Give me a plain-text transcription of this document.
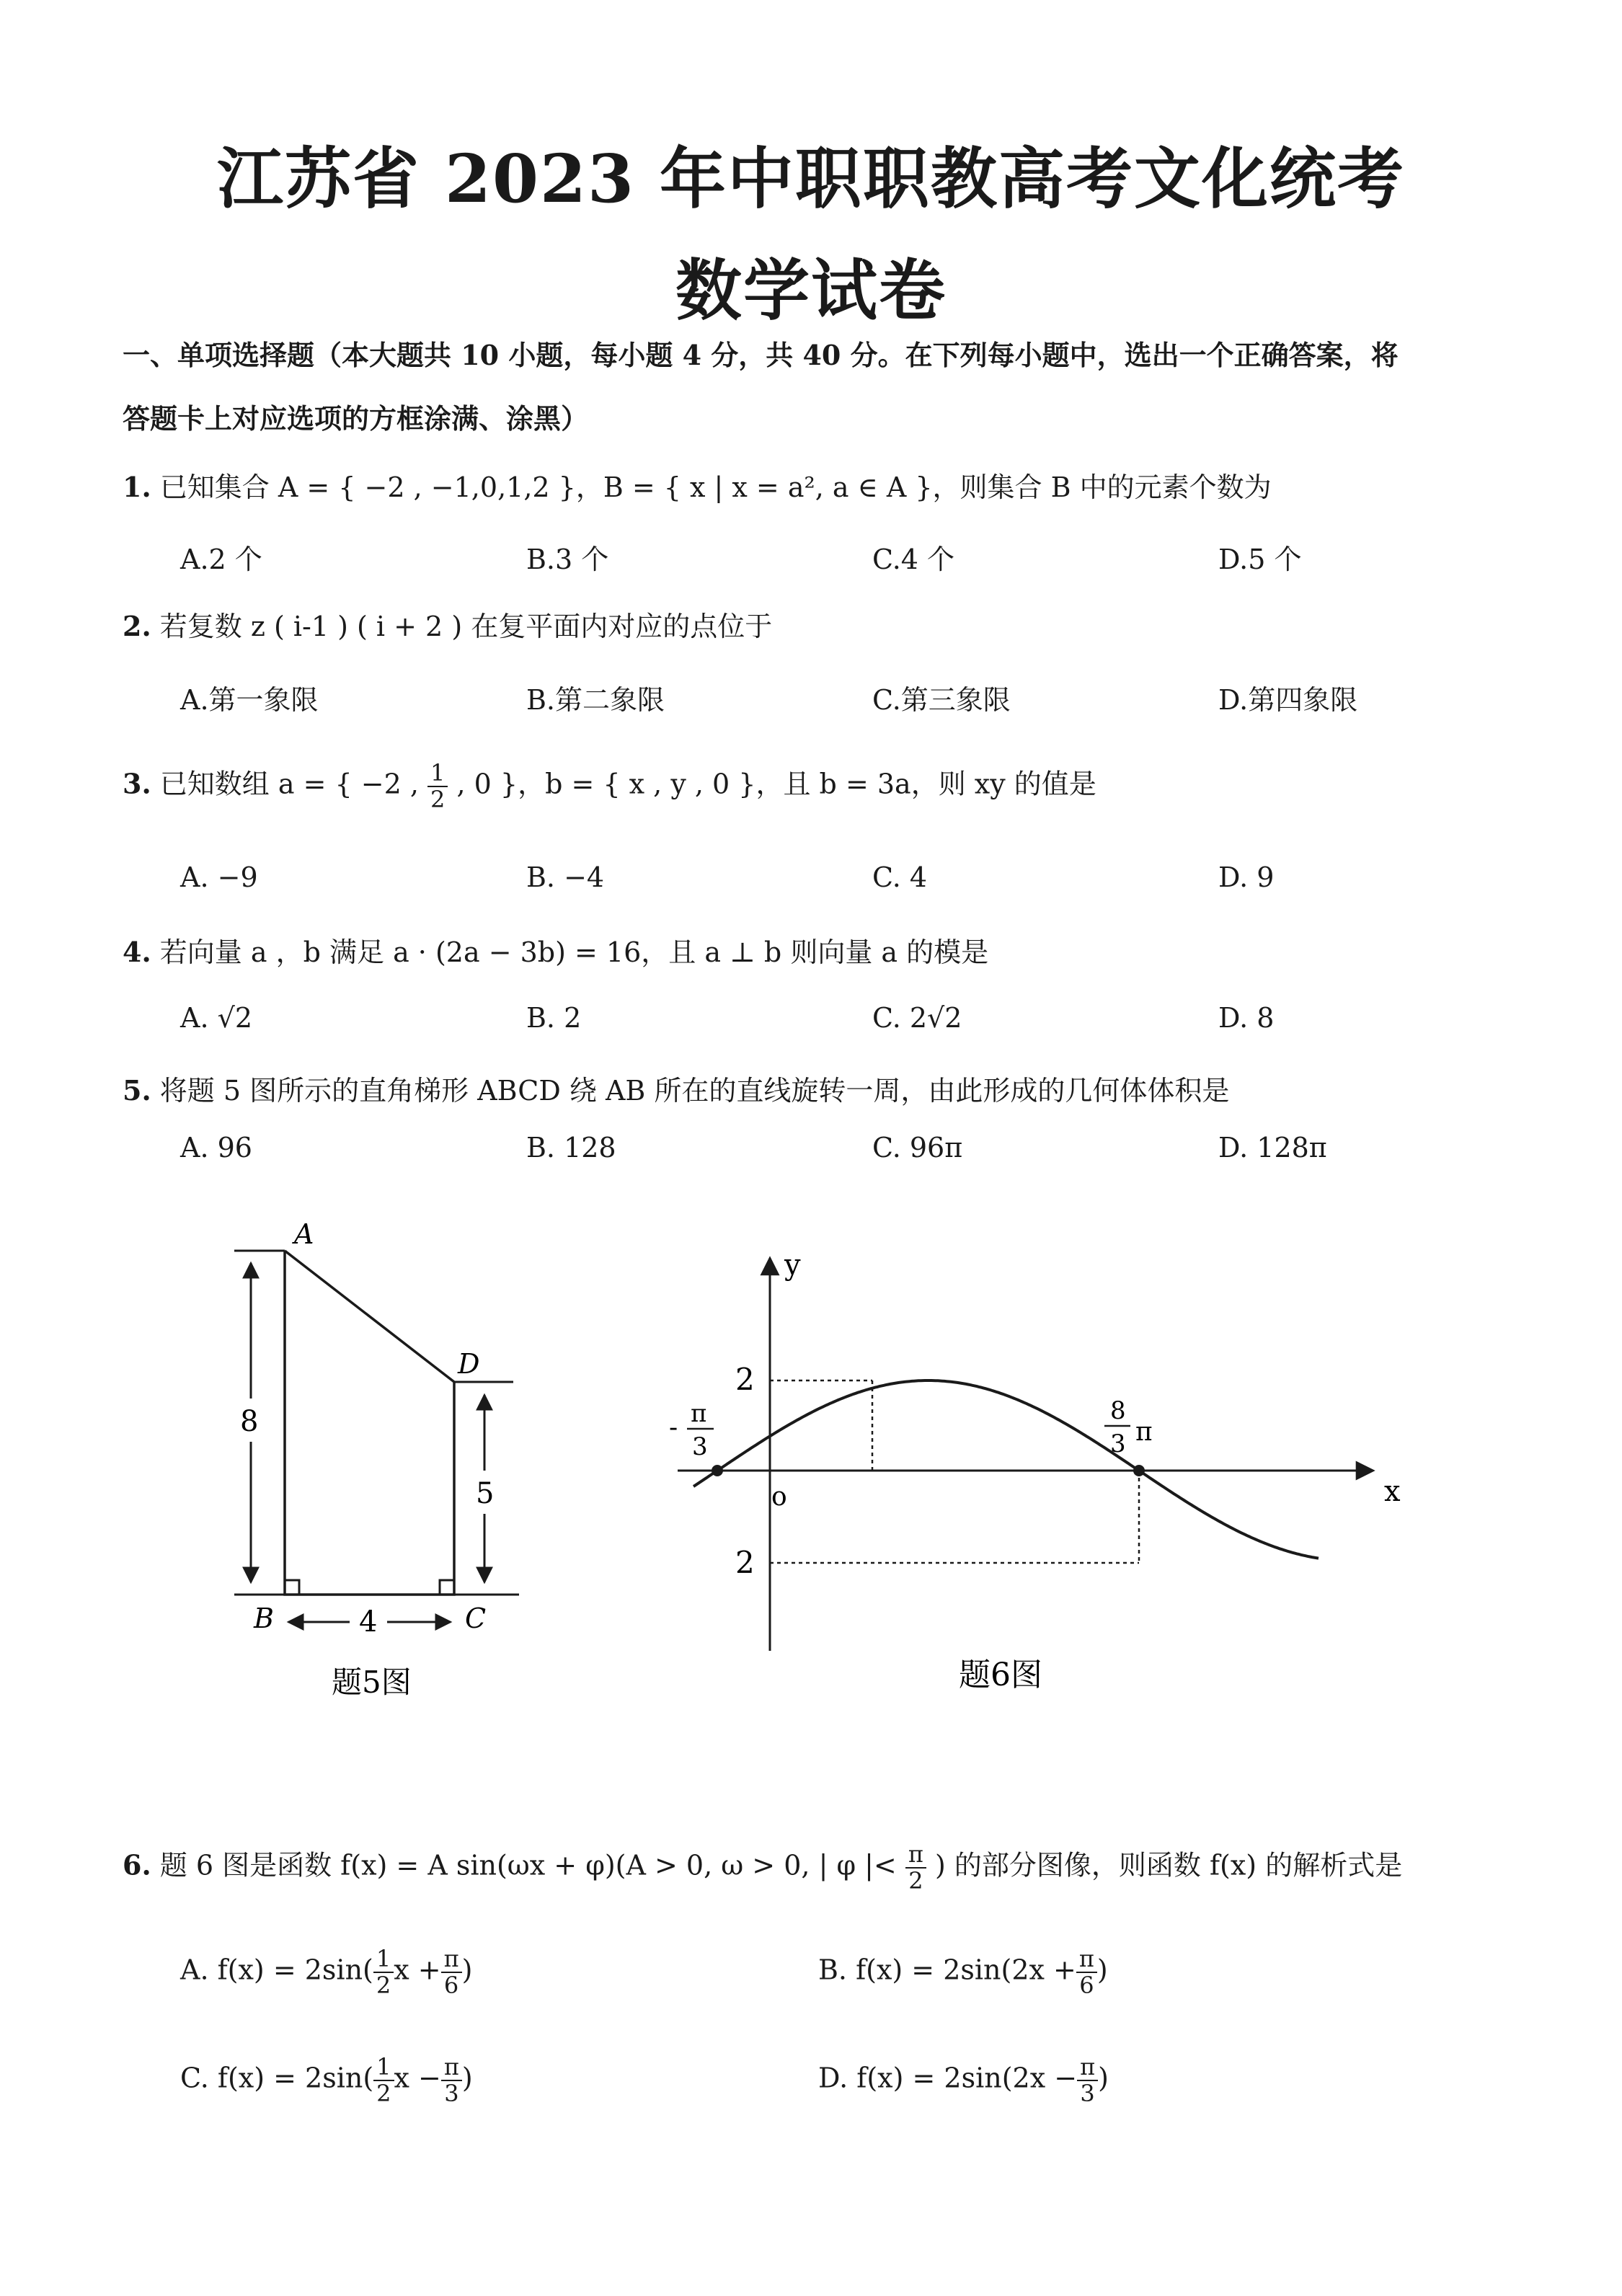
江苏省 2023 年中职职教高考文化统考
数学试卷
一、单项选择题（本大题共 10 小题，每小题 4 分，共 40 分。在下列每小题中，选出一个正确答案，将
答题卡上对应选项的方框涂满、涂黑）
1. 已知集合 A = { −2 , −1,0,1,2 }，B = { x | x = a², a ∈ A }，则集合 B 中的元素个数为
A.2 个	B.3 个	C.4 个	D.5 个
2. 若复数 z ( i-1 ) ( i + 2 ) 在复平面内对应的点位于
A.第一象限	B.第二象限	C.第三象限	D.第四象限
3. 已知数组 a = { −2 , $\frac{1}{2}$ , 0 }，b = { x , y , 0 }，且 b = 3a，则 xy 的值是
A. −9	B. −4	C. 4	D. 9
4. 若向量 a ，b 满足 a · (2a − 3b) = 16，且 a ⊥ b 则向量 a 的模是
A. √2	B. 2	C. 2√2	D. 8
5. 将题 5 图所示的直角梯形 ABCD 绕 AB 所在的直线旋转一周，由此形成的几何体体积是
A. 96	B. 128	C. 96π	D. 128π
A
D
B	C
8
5
4
题5图
y
x
o
2
2
- π
3
8
3 π
题6图
6. 题 6 图是函数 f(x) = A sin(ωx + φ)(A > 0, ω > 0, | φ |< $\frac{\pi}{2}$ ) 的部分图像，则函数 f(x) 的解析式是
A. $f(x) = 2\sin( \frac{1}{2}$ $x + \frac{\pi}{6}$ )	B. $f(x) = 2\sin(2x + \frac{\pi}{6}$ )
C. $f(x) = 2\sin( \frac{1}{2}$ $x - \frac{\pi}{3}$ )	D. $f(x) = 2\sin(2x - \frac{\pi}{3}$ )
